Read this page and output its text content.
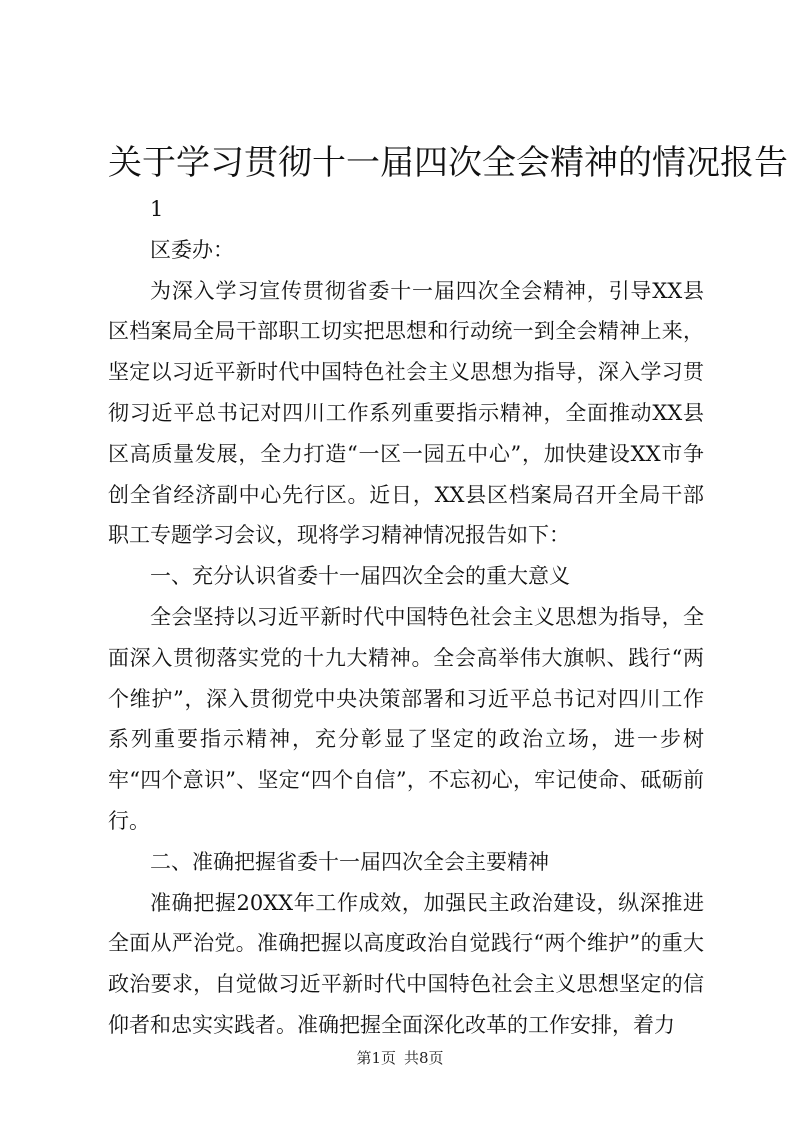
关于学习贯彻十一届四次全会精神的情况报告

1

区委办：

为深入学习宣传贯彻省委十一届四次全会精神，引导XX县区档案局全局干部职工切实把思想和行动统一到全会精神上来，坚定以习近平新时代中国特色社会主义思想为指导，深入学习贯彻习近平总书记对四川工作系列重要指示精神，全面推动XX县区高质量发展，全力打造“一区一园五中心”，加快建设XX市争创全省经济副中心先行区。近日，XX县区档案局召开全局干部职工专题学习会议，现将学习精神情况报告如下：

一、充分认识省委十一届四次全会的重大意义

全会坚持以习近平新时代中国特色社会主义思想为指导，全面深入贯彻落实党的十九大精神。全会高举伟大旗帜、践行“两个维护”，深入贯彻党中央决策部署和习近平总书记对四川工作系列重要指示精神，充分彰显了坚定的政治立场，进一步树牢“四个意识”、坚定“四个自信”，不忘初心，牢记使命、砥砺前行。

二、准确把握省委十一届四次全会主要精神

准确把握20XX年工作成效，加强民主政治建设，纵深推进全面从严治党。准确把握以高度政治自觉践行“两个维护”的重大政治要求，自觉做习近平新时代中国特色社会主义思想坚定的信仰者和忠实实践者。准确把握全面深化改革的工作安排，着力

第1页 共8页
